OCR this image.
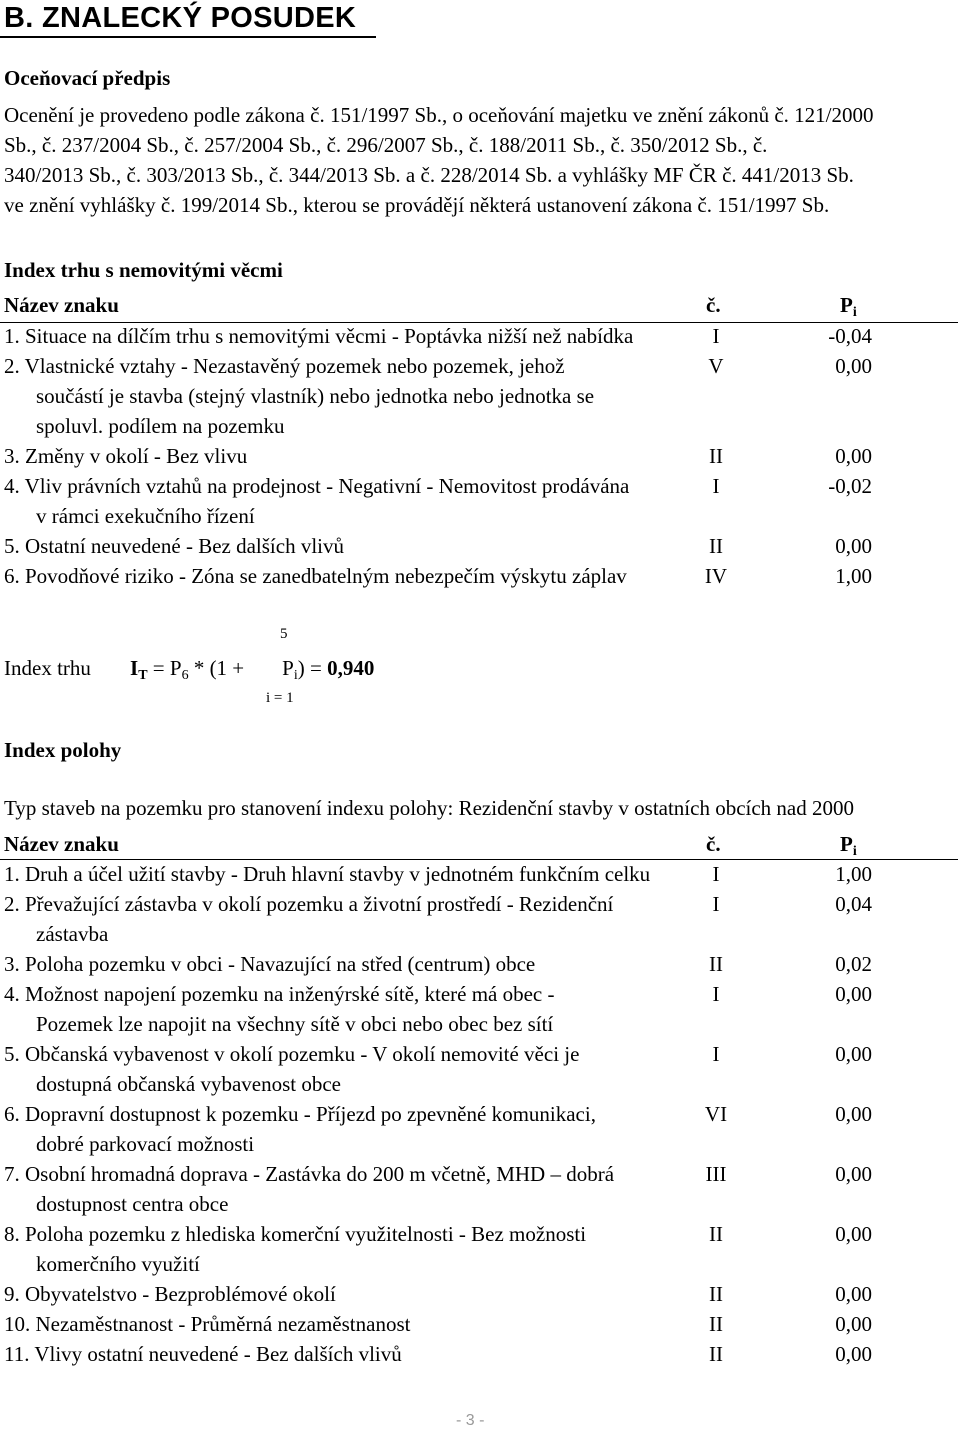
B. ZNALECKÝ POSUDEK
Oceňovací předpis
Ocenění je provedeno podle zákona č. 151/1997 Sb., o oceňování majetku ve znění zákonů č. 121/2000
Sb., č. 237/2004 Sb., č. 257/2004 Sb., č. 296/2007 Sb., č. 188/2011 Sb., č. 350/2012 Sb., č.
340/2013 Sb., č. 303/2013 Sb., č. 344/2013 Sb. a č. 228/2014 Sb. a vyhlášky MF ČR č. 441/2013 Sb.
ve znění vyhlášky č. 199/2014 Sb., kterou se provádějí některá ustanovení zákona č. 151/1997 Sb.
Index trhu s nemovitými věcmi
Název znaku	č.	$P_i$
1. Situace na dílčím trhu s nemovitými věcmi - Poptávka nižší než nabídka	I	-0,04
2. Vlastnické vztahy - Nezastavěný pozemek nebo pozemek, jehož
součástí je stavba (stejný vlastník) nebo jednotka nebo jednotka se
spoluvl. podílem na pozemku
V	0,00
3. Změny v okolí - Bez vlivu	II	0,00
4. Vliv právních vztahů na prodejnost - Negativní - Nemovitost prodávána
v rámci exekučního řízení
I	-0,02
5. Ostatní neuvedené - Bez dalších vlivů	II	0,00
6. Povodňové riziko - Zóna se zanedbatelným nebezpečím výskytu záplav	IV	1,00
Index trhu
5
i = 1
$I_T = P_6 * (1 + P_i) = 0,940$
Index polohy
Typ staveb na pozemku pro stanovení indexu polohy: Rezidenční stavby v ostatních obcích nad 2000
Název znaku	č.	$P_i$
1. Druh a účel užití stavby - Druh hlavní stavby v jednotném funkčním celku	I	1,00
2. Převažující zástavba v okolí pozemku a životní prostředí - Rezidenční
zástavba
I	0,04
3. Poloha pozemku v obci - Navazující na střed (centrum) obce	II	0,02
4. Možnost napojení pozemku na inženýrské sítě, které má obec -
Pozemek lze napojit na všechny sítě v obci nebo obec bez sítí
I	0,00
5. Občanská vybavenost v okolí pozemku - V okolí nemovité věci je
dostupná občanská vybavenost obce
I	0,00
6. Dopravní dostupnost k pozemku - Příjezd po zpevněné komunikaci,
dobré parkovací možnosti
VI	0,00
7. Osobní hromadná doprava - Zastávka do 200 m včetně, MHD – dobrá
dostupnost centra obce
III	0,00
8. Poloha pozemku z hlediska komerční využitelnosti - Bez možnosti
komerčního využití
II	0,00
9. Obyvatelstvo - Bezproblémové okolí	II	0,00
10. Nezaměstnanost - Průměrná nezaměstnanost	II	0,00
11. Vlivy ostatní neuvedené - Bez dalších vlivů	II	0,00
- 3 -
